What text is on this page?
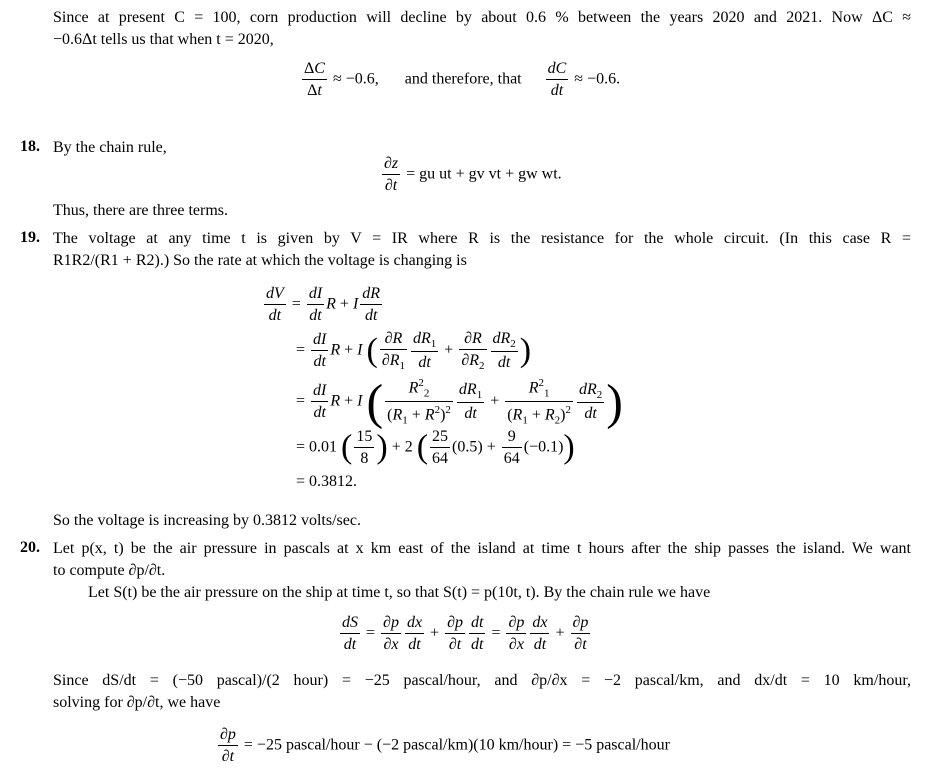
Since at present C = 100, corn production will decline by about 0.6 % between the years 2020 and 2021. Now ΔC ≈
−0.6Δt tells us that when t = 2020,
$\frac{\Delta C}{\Delta t} \approx -0.6$, and therefore, that $\frac{dC}{dt} \approx -0.6$.
18. By the chain rule,
$\frac{\partial z}{\partial t}$ = gu ut + gv vt + gw wt.
Thus, there are three terms.
19. The voltage at any time t is given by V = IR where R is the resistance for the whole circuit. (In this case R =
R1R2/(R1 + R2).) So the rate at which the voltage is changing is
$\frac{dV}{dt} = \frac{dI}{dt}$ R + I $\frac{dR}{dt}$
= $\frac{dI}{dt}$ R + I ( $\frac{\partial R}{\partial R_1} \frac{dR_1}{dt} + \frac{\partial R}{\partial R_2} \frac{dR_2}{dt}$ )
= $\frac{dI}{dt}$ R + I ( $\frac{R^2_2}{(R_1 + R^2)^2} \frac{dR_1}{dt} + \frac{R^2_1}{(R_1 + R_2)^2} \frac{dR_2}{dt}$ )
= 0.01 ( $\frac{15}{8}$ ) + 2 ( $\frac{25}{64} (0.5) + \frac{9}{64} (-0.1)$)
= 0.3812.
So the voltage is increasing by 0.3812 volts/sec.
20. Let p(x, t) be the air pressure in pascals at x km east of the island at time t hours after the ship passes the island. We want
to compute ∂p/∂t.
Let S(t) be the air pressure on the ship at time t, so that S(t) = p(10t, t). By the chain rule we have
$\frac{dS}{dt} = \frac{\partial p}{\partial x} \frac{dx}{dt} + \frac{\partial p}{\partial t} \frac{dt}{dt} = \frac{\partial p}{\partial x} \frac{dx}{dt} + \frac{\partial p}{\partial t}$
Since dS/dt = (−50 pascal)/(2 hour) = −25 pascal/hour, and ∂p/∂x = −2 pascal/km, and dx/dt = 10 km/hour,
solving for ∂p/∂t, we have
$\frac{\partial p}{\partial t} = -25$ pascal/hour − (−2 pascal/km)(10 km/hour) = −5 pascal/hour
